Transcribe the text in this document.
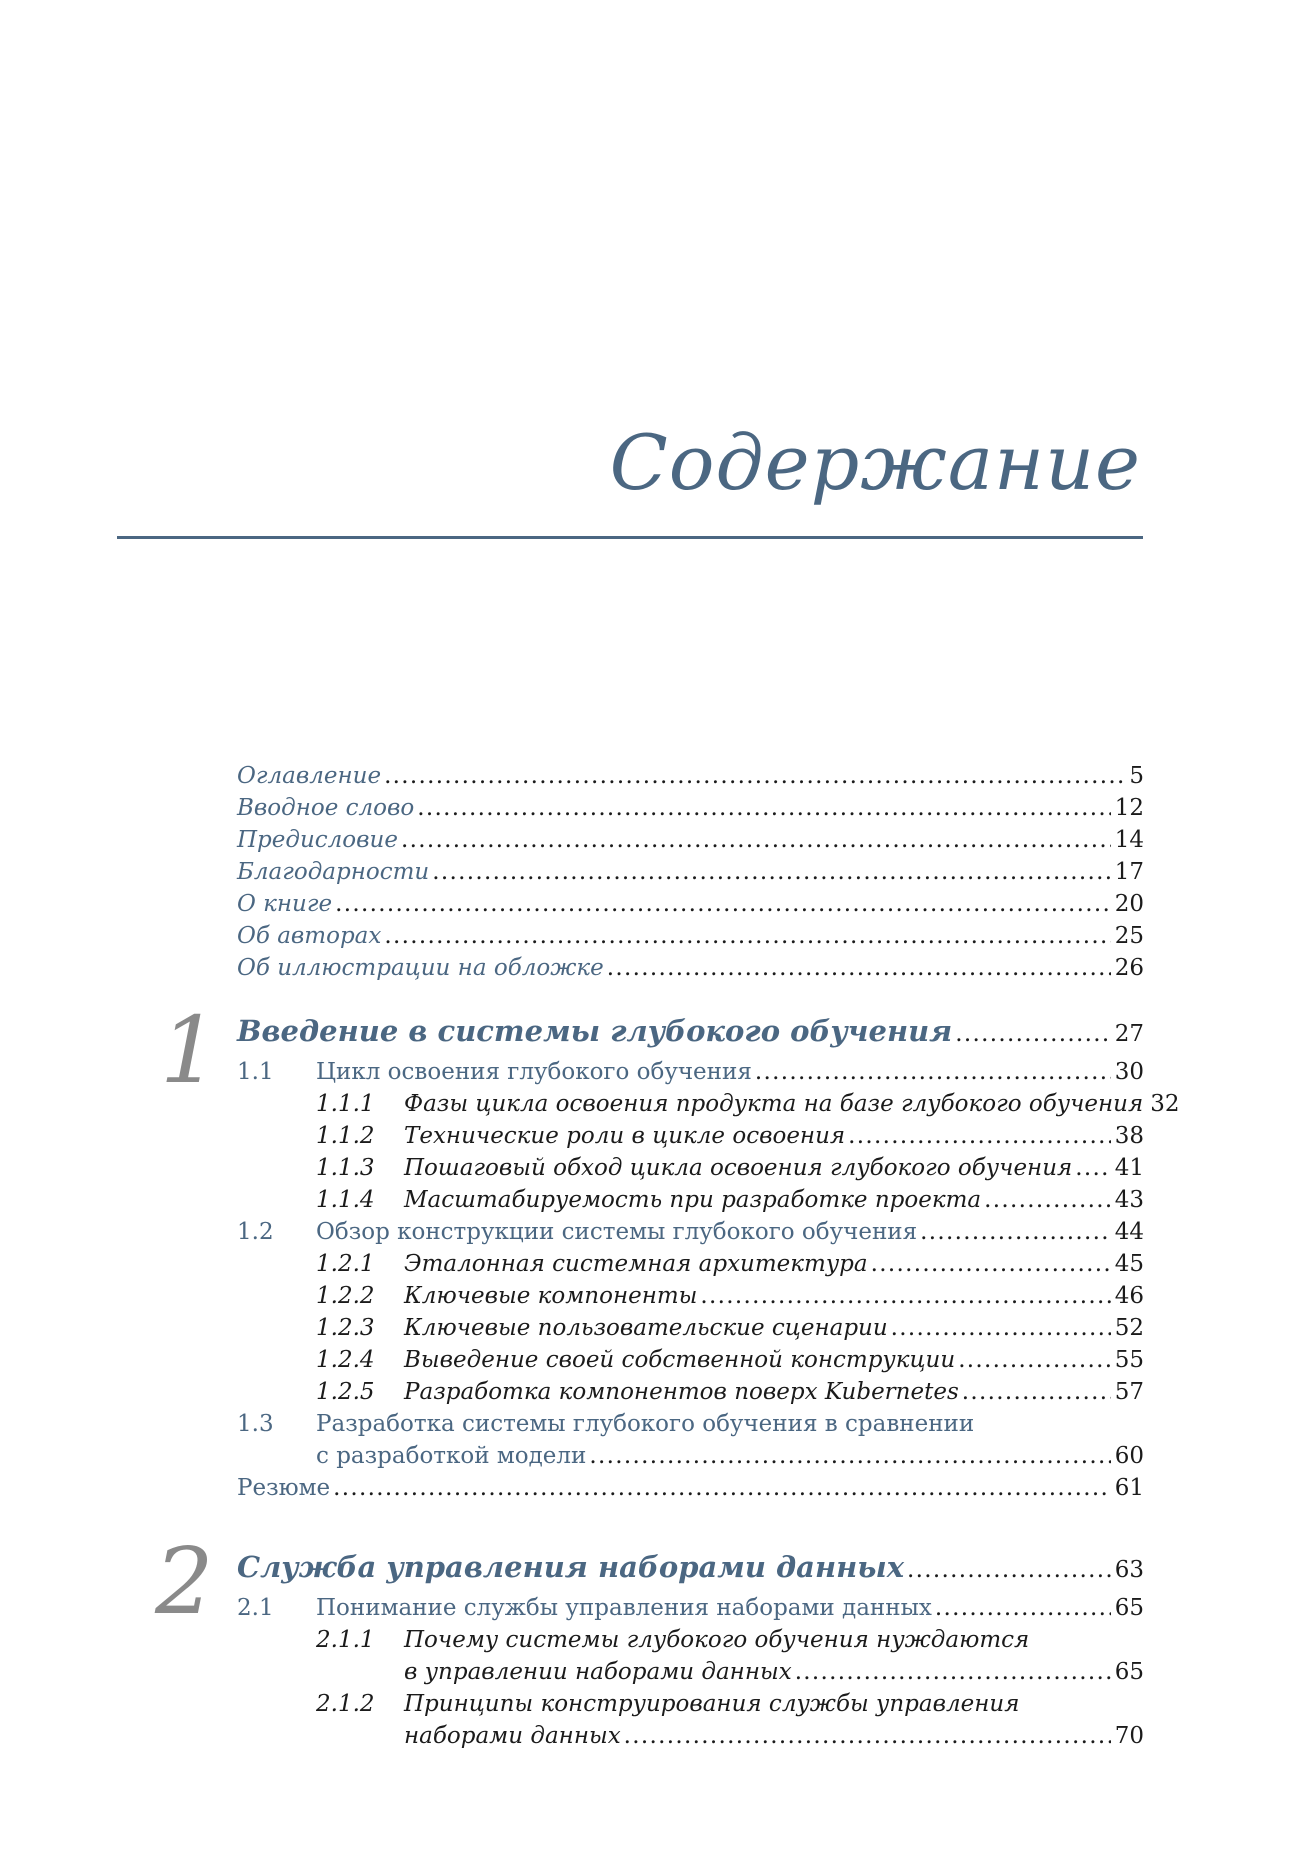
Содержание
Оглавление . . .	5
Вводное слово . . .	12
Предисловие . . .	14
Благодарности . . .	17
О книге . . .	20
Об авторах . . .	25
Об иллюстрации на обложке . . .	26
1 Введение в системы глубокого обучения . . .	27
1.1	Цикл освоения глубокого обучения . . .	30
1.1.1	Фазы цикла освоения продукта на базе глубокого обучения 32
1.1.2	Технические роли в цикле освоения . . .	38
1.1.3	Пошаговый обход цикла освоения глубокого обучения . . . 41
1.1.4	Масштабируемость при разработке проекта . . .	43
1.2	Обзор конструкции системы глубокого обучения . . .	44
1.2.1	Эталонная системная архитектура . . .	45
1.2.2	Ключевые компоненты . . .	46
1.2.3	Ключевые пользовательские сценарии . . .	52
1.2.4	Выведение своей собственной конструкции . . .	55
1.2.5	Разработка компонентов поверх Kubernetes . . .	57
1.3 Разработка системы глубокого обучения в сравнении
с разработкой модели . . .	60
Резюме . . .	61
2 Служба управления наборами данных . . .	63
2.1	Понимание службы управления наборами данных . . .	65
2.1.1 Почему системы глубокого обучения нуждаются
в управлении наборами данных . . .	65
2.1.2 Принципы конструирования службы управления
наборами данных . . .	70
